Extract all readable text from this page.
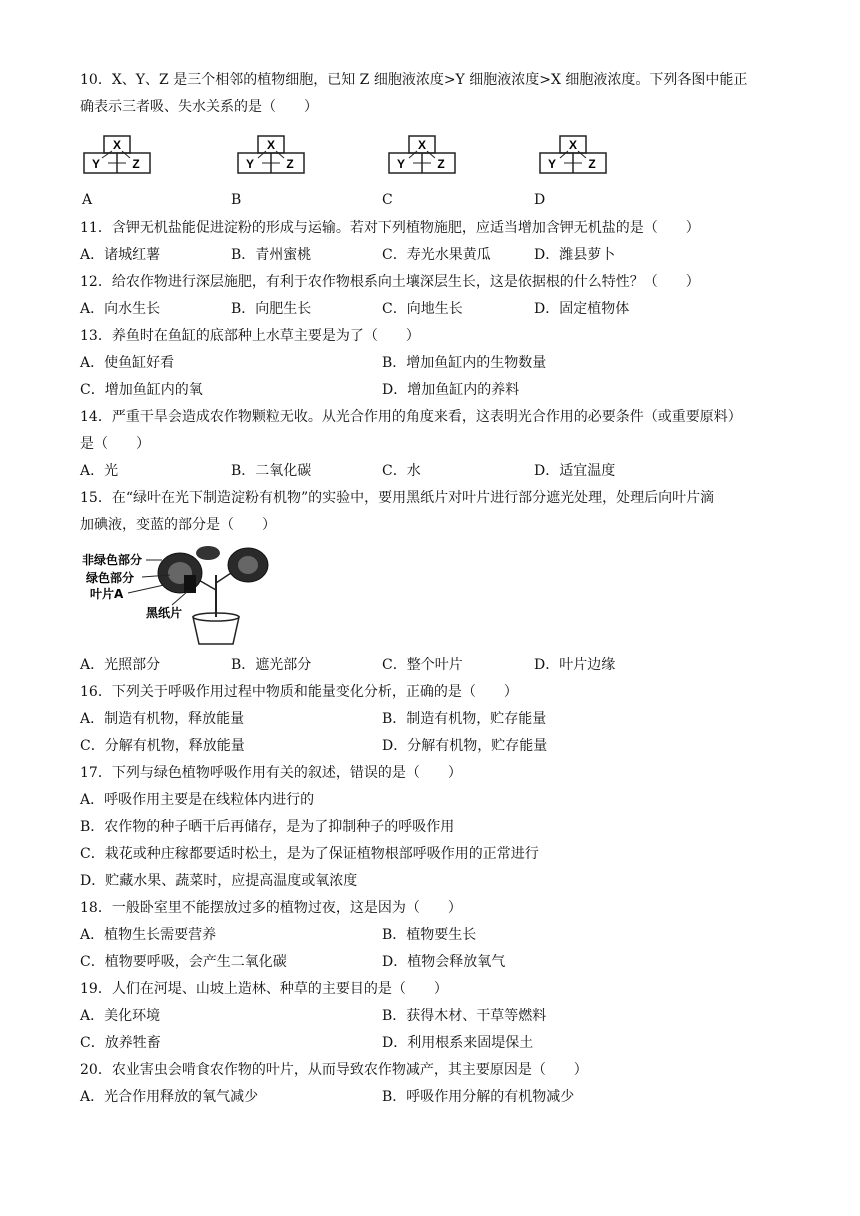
10．X、Y、Z 是三个相邻的植物细胞，已知 Z 细胞液浓度>Y 细胞液浓度>X 细胞液浓度。下列各图中能正
确表示三者吸、失水关系的是（　　）
X
Y	Z
X
Y	Z
X
Y	Z
X
Y	Z
A	B	C	D
11．含钾无机盐能促进淀粉的形成与运输。若对下列植物施肥，应适当增加含钾无机盐的是（　　）
A．诸城红薯	B．青州蜜桃	C．寿光水果黄瓜	D．潍县萝卜
12．给农作物进行深层施肥，有利于农作物根系向土壤深层生长，这是依据根的什么特性？（　　）
A．向水生长	B．向肥生长	C．向地生长	D．固定植物体
13．养鱼时在鱼缸的底部种上水草主要是为了（　　）
A．使鱼缸好看	B．增加鱼缸内的生物数量
C．增加鱼缸内的氧	D．增加鱼缸内的养料
14．严重干旱会造成农作物颗粒无收。从光合作用的角度来看，这表明光合作用的必要条件（或重要原料）
是（　　）
A．光	B．二氧化碳	C．水	D．适宜温度
15．在“绿叶在光下制造淀粉有机物”的实验中，要用黑纸片对叶片进行部分遮光处理，处理后向叶片滴
加碘液，变蓝的部分是（　　）
非绿色部分
绿色部分
叶片A
黑纸片
A．光照部分	B．遮光部分	C．整个叶片	D．叶片边缘
16．下列关于呼吸作用过程中物质和能量变化分析，正确的是（　　）
A．制造有机物，释放能量	B．制造有机物，贮存能量
C．分解有机物，释放能量	D．分解有机物，贮存能量
17．下列与绿色植物呼吸作用有关的叙述，错误的是（　　）
A．呼吸作用主要是在线粒体内进行的
B．农作物的种子晒干后再储存，是为了抑制种子的呼吸作用
C．栽花或种庄稼都要适时松土，是为了保证植物根部呼吸作用的正常进行
D．贮藏水果、蔬菜时，应提高温度或氧浓度
18．一般卧室里不能摆放过多的植物过夜，这是因为（　　）
A．植物生长需要营养	B．植物要生长
C．植物要呼吸，会产生二氧化碳	D．植物会释放氧气
19．人们在河堤、山坡上造林、种草的主要目的是（　　）
A．美化环境	B．获得木材、干草等燃料
C．放养牲畜	D．利用根系来固堤保土
20．农业害虫会啃食农作物的叶片，从而导致农作物减产，其主要原因是（　　）
A．光合作用释放的氧气减少	B．呼吸作用分解的有机物减少
